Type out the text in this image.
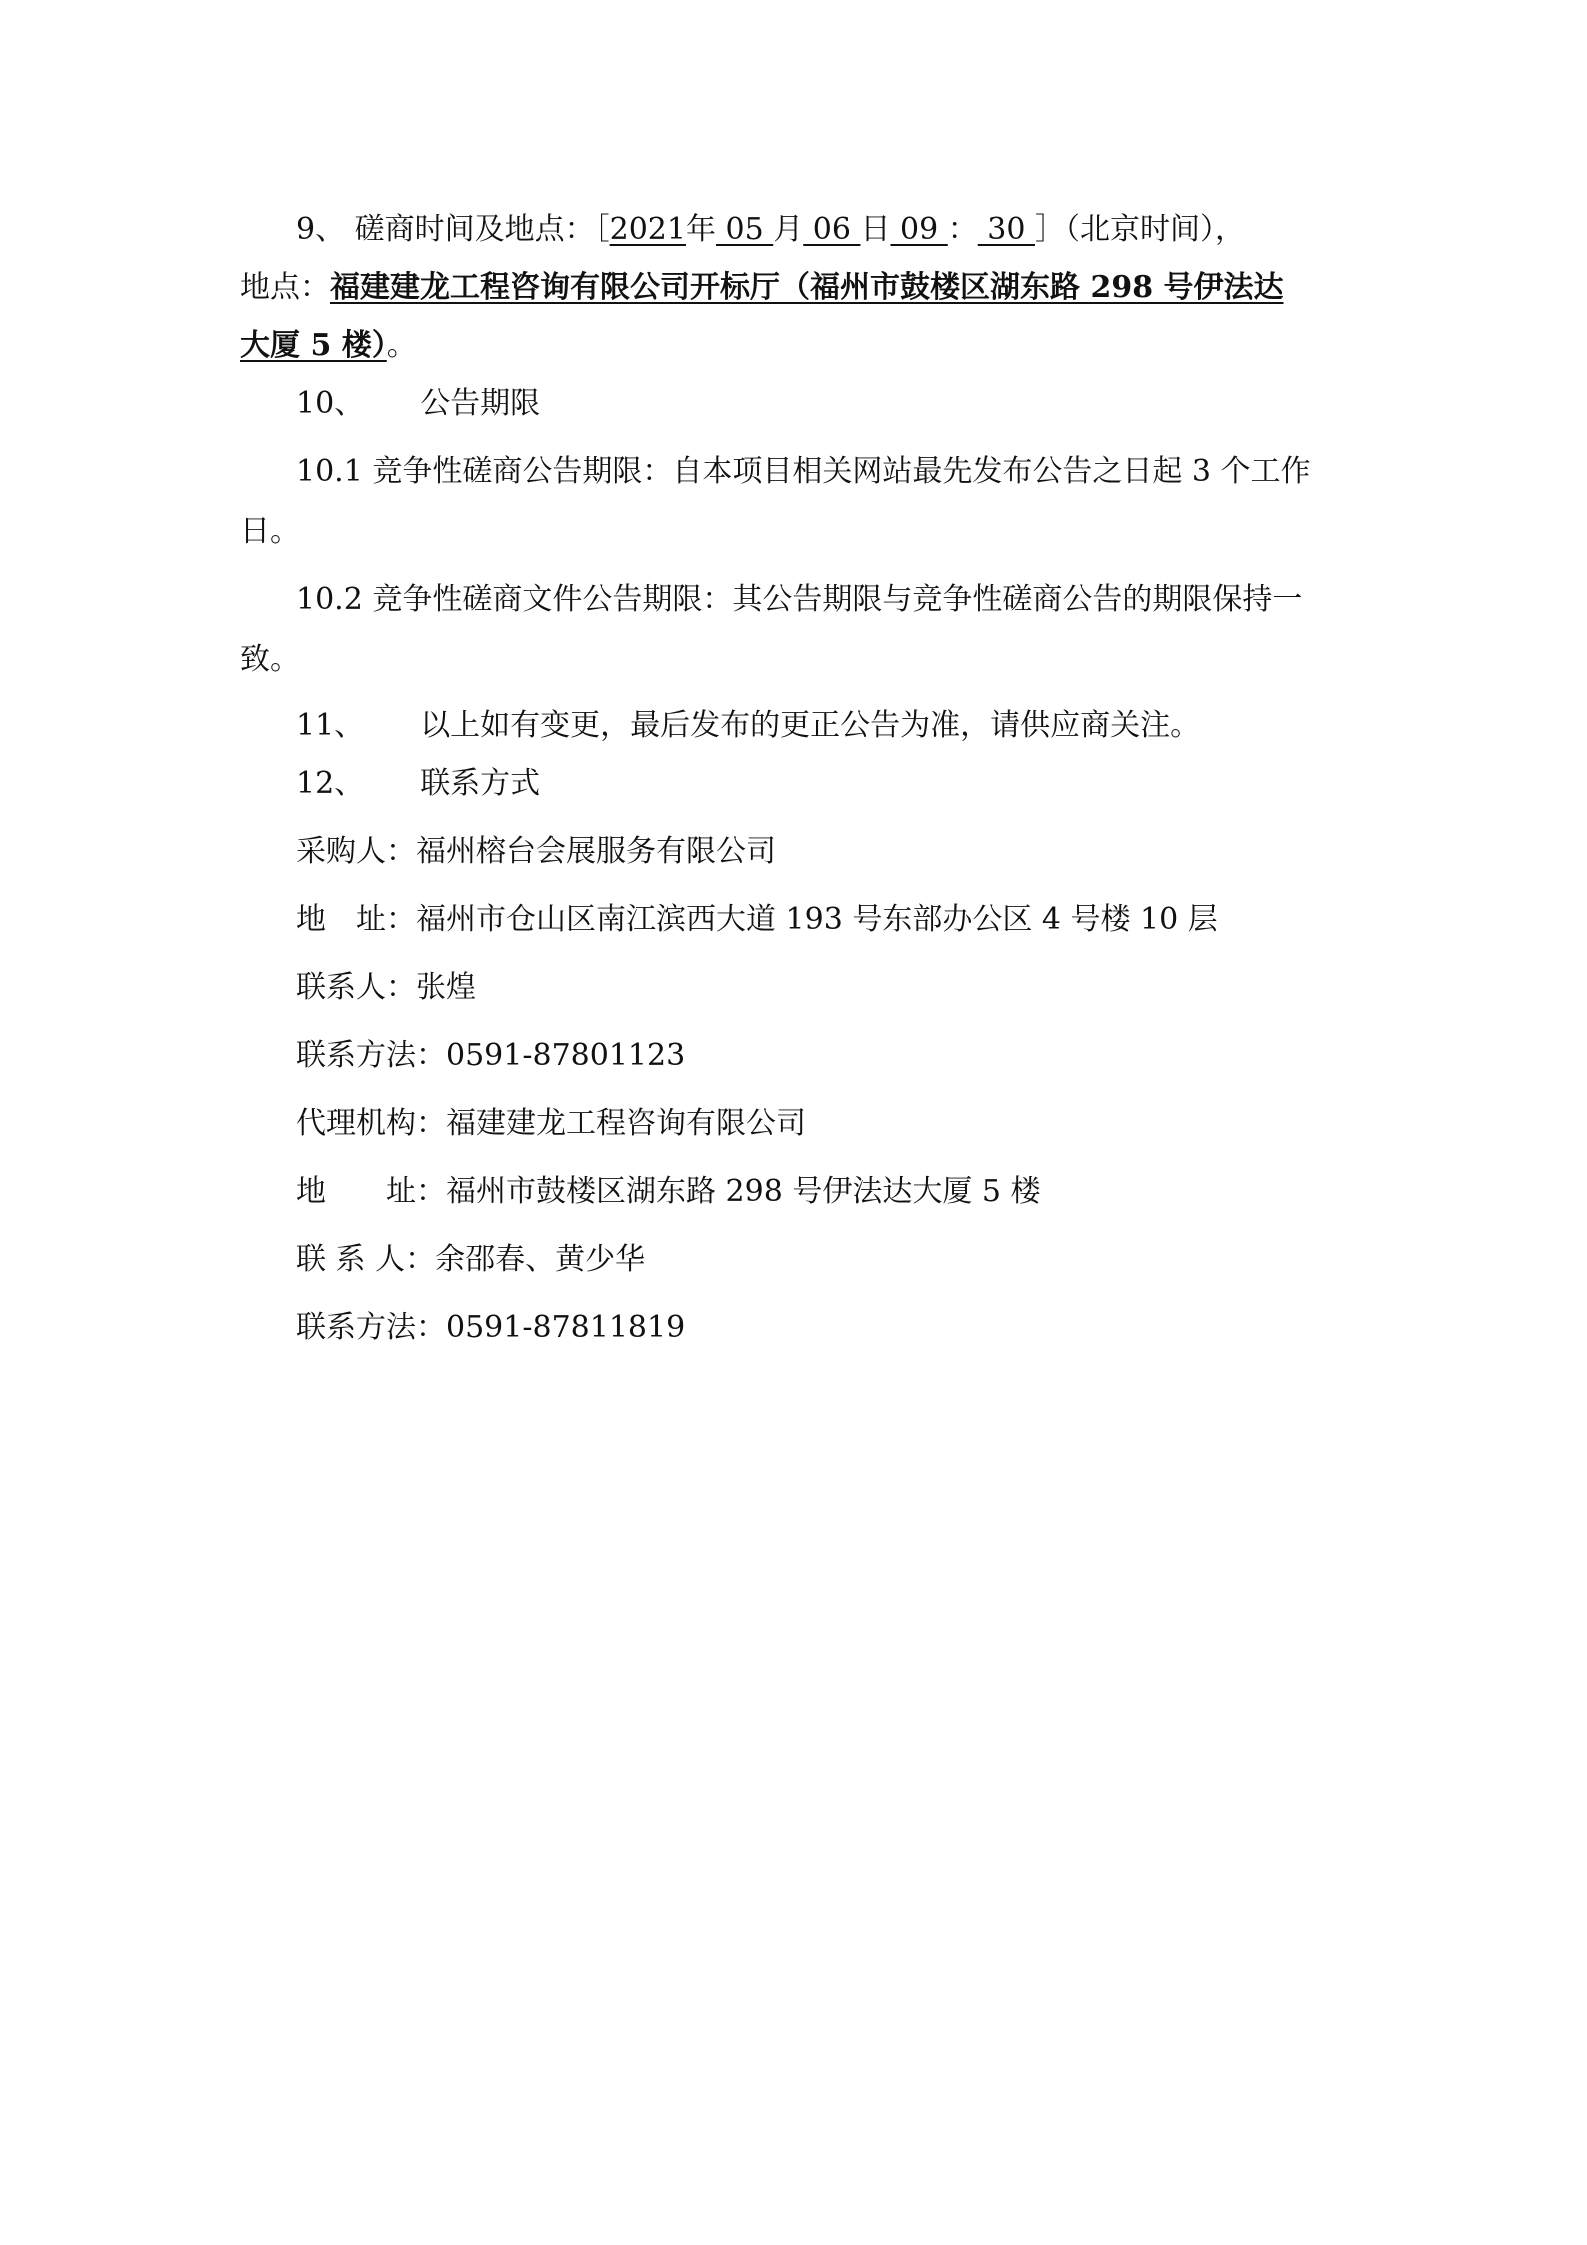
9、 磋商时间及地点：［2021年 05 月 06 日 09 ： 30 ］（北京时间），
地点：福建建龙工程咨询有限公司开标厅（福州市鼓楼区湖东路 298 号伊法达
大厦 5 楼）。
10、 公告期限
10.1 竞争性磋商公告期限：自本项目相关网站最先发布公告之日起 3 个工作
日。
10.2 竞争性磋商文件公告期限：其公告期限与竞争性磋商公告的期限保持一
致。
11、 以上如有变更，最后发布的更正公告为准，请供应商关注。
12、 联系方式
采购人：福州榕台会展服务有限公司
地　址：福州市仓山区南江滨西大道 193 号东部办公区 4 号楼 10 层
联系人：张煌
联系方法：0591-87801123
代理机构：福建建龙工程咨询有限公司
地　　址：福州市鼓楼区湖东路 298 号伊法达大厦 5 楼
联 系 人：余邵春、黄少华
联系方法：0591-87811819
